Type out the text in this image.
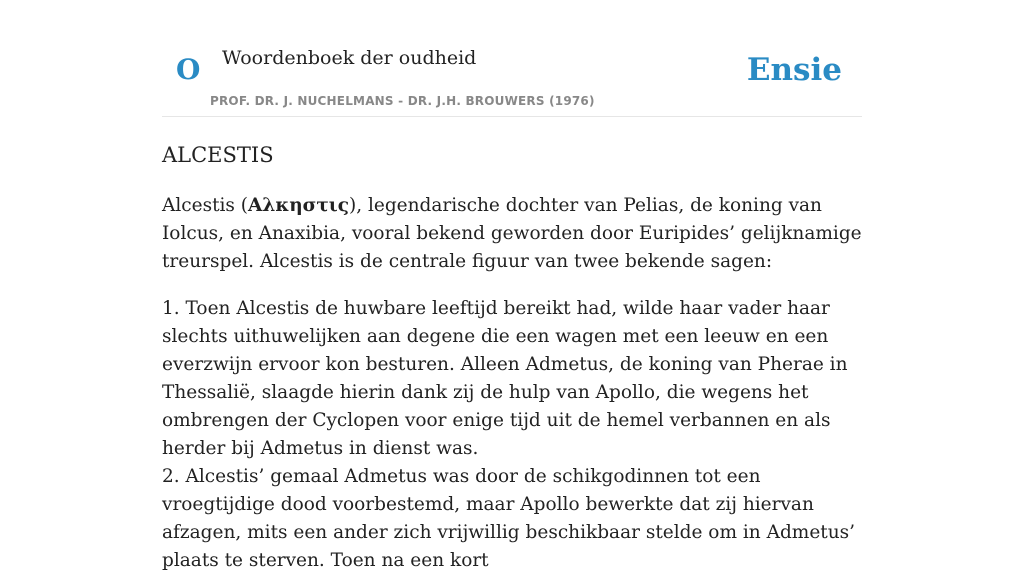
O Woordenboek der oudheid
PROF. DR. J. NUCHELMANS - DR. J.H. BROUWERS (1976)
Ensie
ALCESTIS

Alcestis (Αλκηστις), legendarische dochter van Pelias, de koning van Iolcus, en Anaxibia, vooral bekend geworden door Euripides’ gelijknamige treurspel. Alcestis is de centrale figuur van twee bekende sagen:

1. Toen Alcestis de huwbare leeftijd bereikt had, wilde haar vader haar slechts uithuwelijken aan degene die een wagen met een leeuw en een everzwijn ervoor kon besturen. Alleen Admetus, de koning van Pherae in Thessalië, slaagde hierin dank zij de hulp van Apollo, die wegens het ombrengen der Cyclopen voor enige tijd uit de hemel verbannen en als herder bij Admetus in dienst was.

2. Alcestis’ gemaal Admetus was door de schikgodinnen tot een vroegtijdige dood voorbestemd, maar Apollo bewerkte dat zij hiervan afzagen, mits een ander zich vrijwillig beschikbaar stelde om in Admetus’ plaats te sterven. Toen na een kort
